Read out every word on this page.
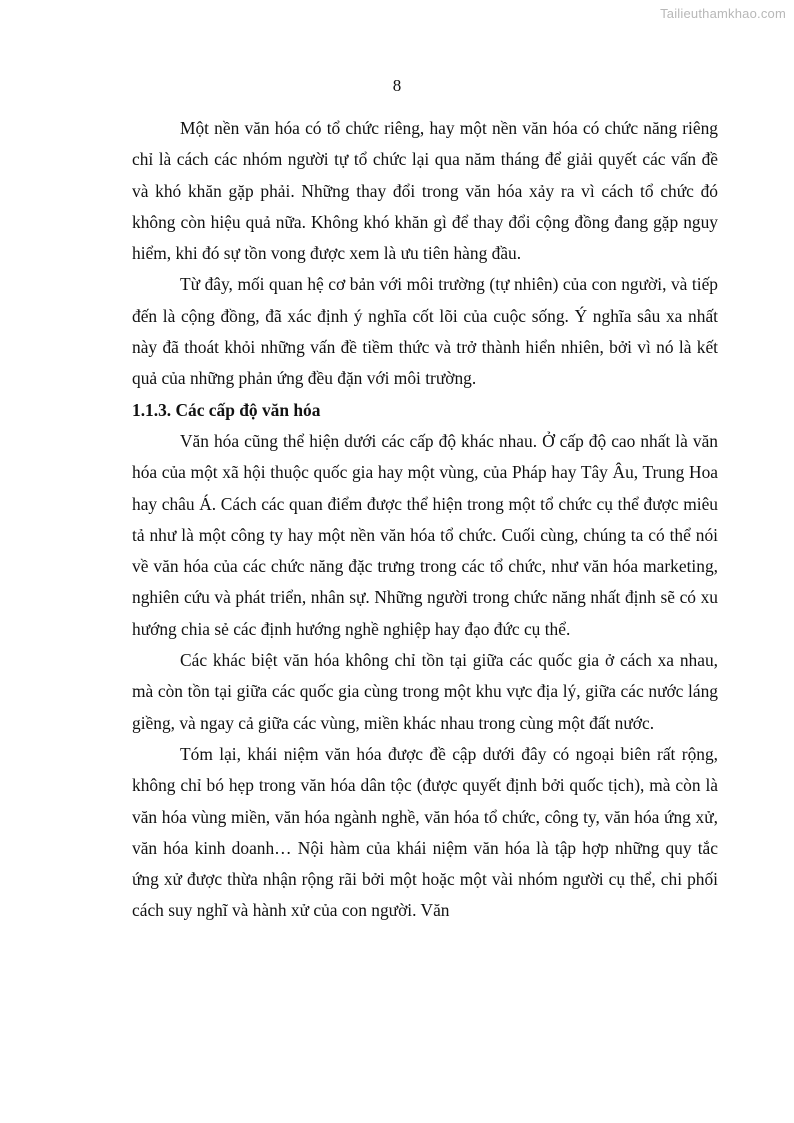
Tailieuthamkhao.com
8

Một nền văn hóa có tổ chức riêng, hay một nền văn hóa có chức năng riêng chỉ là cách các nhóm người tự tổ chức lại qua năm tháng để giải quyết các vấn đề và khó khăn gặp phải. Những thay đổi trong văn hóa xảy ra vì cách tổ chức đó không còn hiệu quả nữa. Không khó khăn gì để thay đổi cộng đồng đang gặp nguy hiểm, khi đó sự tồn vong được xem là ưu tiên hàng đầu.

Từ đây, mối quan hệ cơ bản với môi trường (tự nhiên) của con người, và tiếp đến là cộng đồng, đã xác định ý nghĩa cốt lõi của cuộc sống. Ý nghĩa sâu xa nhất này đã thoát khỏi những vấn đề tiềm thức và trở thành hiển nhiên, bởi vì nó là kết quả của những phản ứng đều đặn với môi trường.

1.1.3. Các cấp độ văn hóa

Văn hóa cũng thể hiện dưới các cấp độ khác nhau. Ở cấp độ cao nhất là văn hóa của một xã hội thuộc quốc gia hay một vùng, của Pháp hay Tây Âu, Trung Hoa hay châu Á. Cách các quan điểm được thể hiện trong một tổ chức cụ thể được miêu tả như là một công ty hay một nền văn hóa tổ chức. Cuối cùng, chúng ta có thể nói về văn hóa của các chức năng đặc trưng trong các tổ chức, như văn hóa marketing, nghiên cứu và phát triển, nhân sự. Những người trong chức năng nhất định sẽ có xu hướng chia sẻ các định hướng nghề nghiệp hay đạo đức cụ thể.

Các khác biệt văn hóa không chỉ tồn tại giữa các quốc gia ở cách xa nhau, mà còn tồn tại giữa các quốc gia cùng trong một khu vực địa lý, giữa các nước láng giềng, và ngay cả giữa các vùng, miền khác nhau trong cùng một đất nước.

Tóm lại, khái niệm văn hóa được đề cập dưới đây có ngoại biên rất rộng, không chỉ bó hẹp trong văn hóa dân tộc (được quyết định bởi quốc tịch), mà còn là văn hóa vùng miền, văn hóa ngành nghề, văn hóa tổ chức, công ty, văn hóa ứng xử, văn hóa kinh doanh… Nội hàm của khái niệm văn hóa là tập hợp những quy tắc ứng xử được thừa nhận rộng rãi bởi một hoặc một vài nhóm người cụ thể, chi phối cách suy nghĩ và hành xử của con người. Văn
